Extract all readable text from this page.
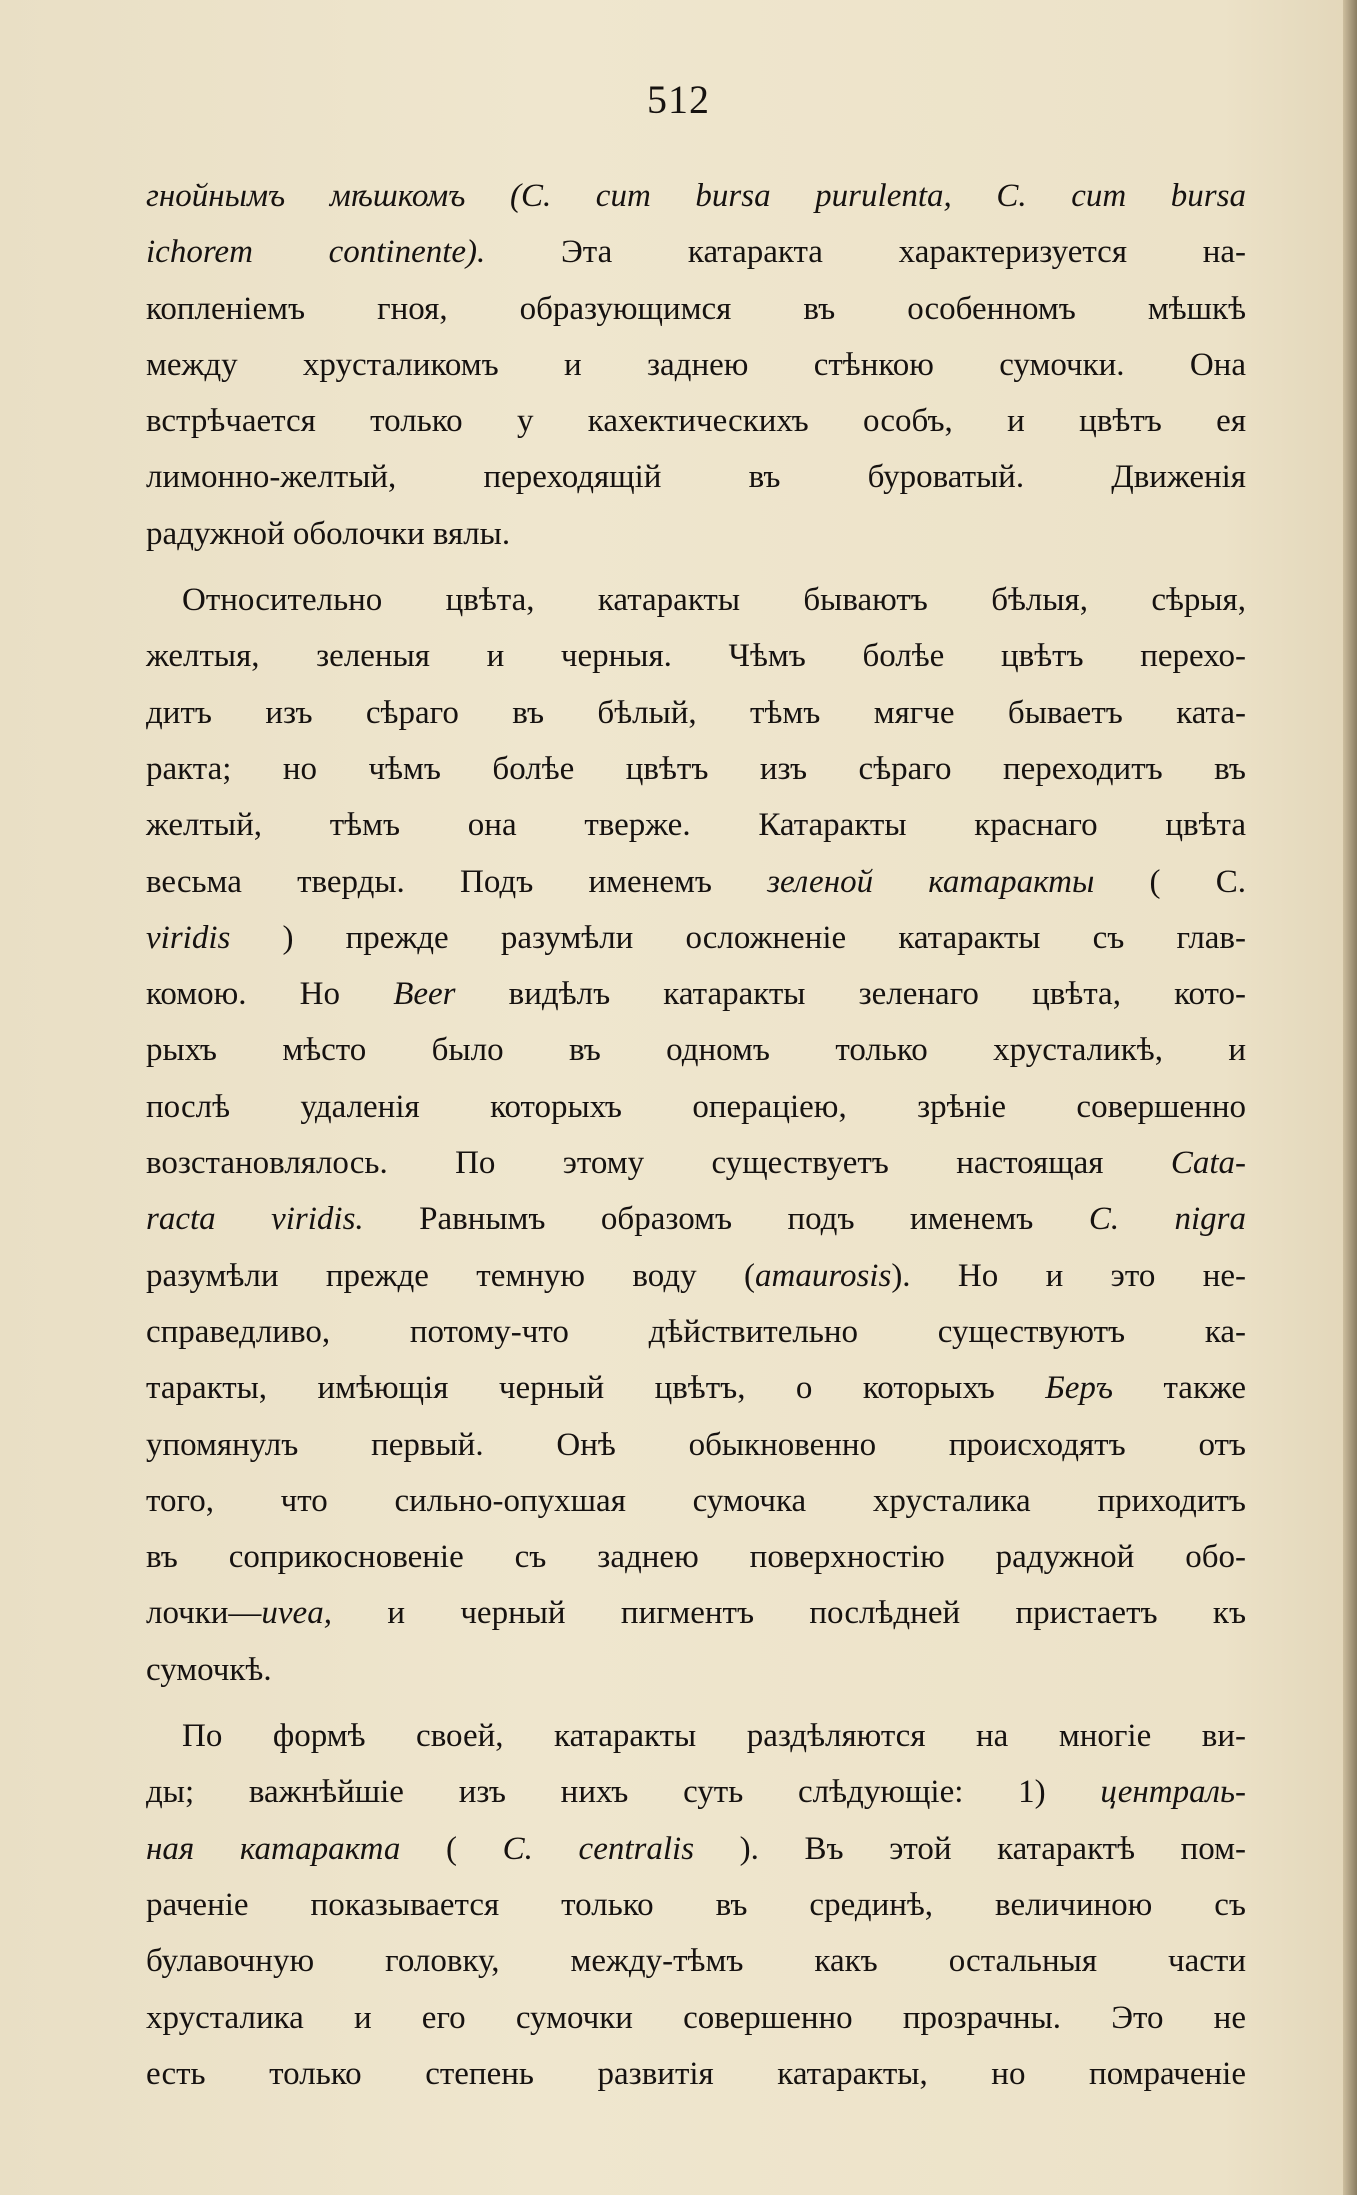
512
гнойнымъ мѣшкомъ (C. cum bursa purulenta, C. cum bursa
ichorem continente). Эта катаракта характеризуется на-
копленіемъ гноя, образующимся въ особенномъ мѣшкѣ
между хрусталикомъ и заднею стѣнкою сумочки. Она
встрѣчается только у кахектическихъ особъ, и цвѣтъ ея
лимонно-желтый, переходящій въ буроватый. Движенія
радужной оболочки вялы.
Относительно цвѣта, катаракты бываютъ бѣлыя, сѣрыя,
желтыя, зеленыя и черныя. Чѣмъ болѣе цвѣтъ перехо-
дитъ изъ сѣраго въ бѣлый, тѣмъ мягче бываетъ ката-
ракта; но чѣмъ болѣе цвѣтъ изъ сѣраго переходитъ въ
желтый, тѣмъ она тверже. Катаракты краснаго цвѣта
весьма тверды. Подъ именемъ зеленой катаракты ( C.
viridis ) прежде разумѣли осложненіе катаракты съ глав-
комою. Но Beer видѣлъ катаракты зеленаго цвѣта, кото-
рыхъ мѣсто было въ одномъ только хрусталикѣ, и
послѣ удаленія которыхъ операціею, зрѣніе совершенно
возстановлялось. По этому существуетъ настоящая Cata-
racta viridis. Равнымъ образомъ подъ именемъ C. nigra
разумѣли прежде темную воду (amaurosis). Но и это не-
справедливо, потому-что дѣйствительно существуютъ ка-
таракты, имѣющія черный цвѣтъ, о которыхъ Беръ также
упомянулъ первый. Онѣ обыкновенно происходятъ отъ
того, что сильно-опухшая сумочка хрусталика приходитъ
въ соприкосновеніе съ заднею поверхностію радужной обо-
лочки—uvea, и черный пигментъ послѣдней пристаетъ къ
сумочкѣ.
По формѣ своей, катаракты раздѣляются на многіе ви-
ды; важнѣйшіе изъ нихъ суть слѣдующіе: 1) централь-
ная катаракта ( C. centralis ). Въ этой катарактѣ пом-
раченіе показывается только въ срединѣ, величиною съ
булавочную головку, между-тѣмъ какъ остальныя части
хрусталика и его сумочки совершенно прозрачны. Это не
есть только степень развитія катаракты, но помраченіе
